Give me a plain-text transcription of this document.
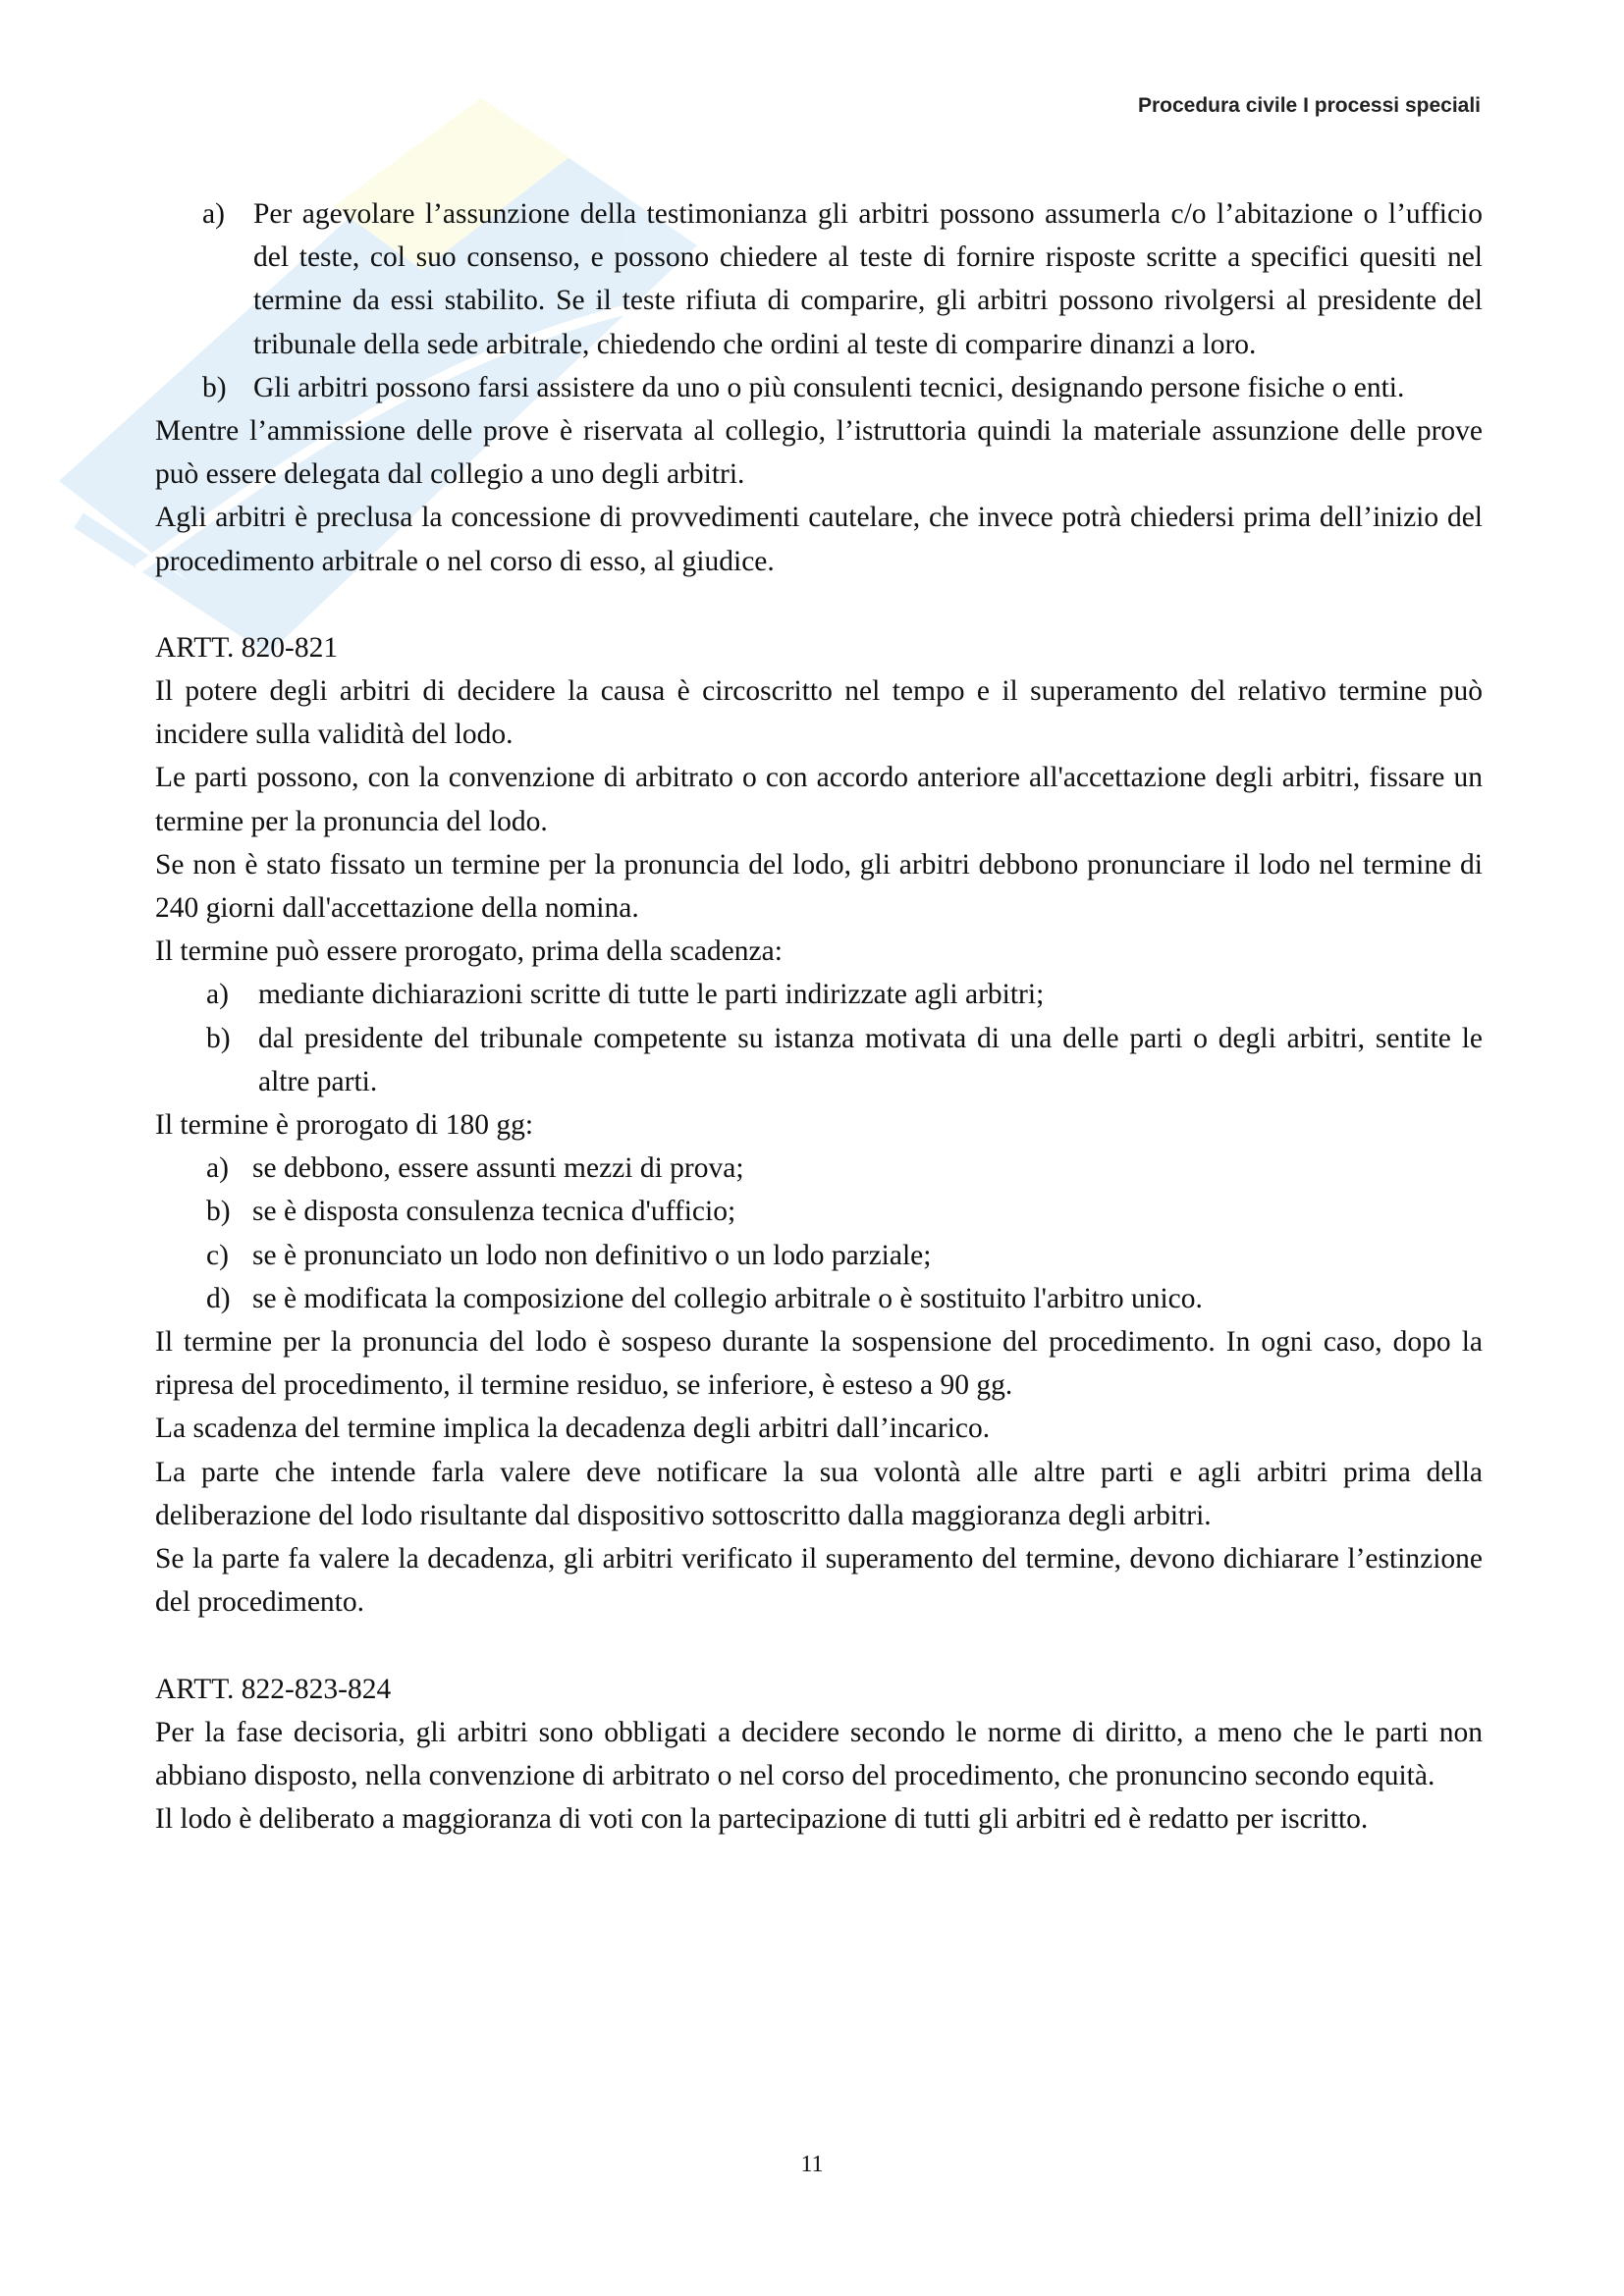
Procedura civile I processi speciali
a) Per agevolare l’assunzione della testimonianza gli arbitri possono assumerla c/o l’abitazione o l’ufficio del teste, col suo consenso, e possono chiedere al teste di fornire risposte scritte a specifici quesiti nel termine da essi stabilito. Se il teste rifiuta di comparire, gli arbitri possono rivolgersi al presidente del tribunale della sede arbitrale, chiedendo che ordini al teste di comparire dinanzi a loro.
b) Gli arbitri possono farsi assistere da uno o più consulenti tecnici, designando persone fisiche o enti.

Mentre l’ammissione delle prove è riservata al collegio, l’istruttoria quindi la materiale assunzione delle prove può essere delegata dal collegio a uno degli arbitri.

Agli arbitri è preclusa la concessione di provvedimenti cautelare, che invece potrà chiedersi prima dell’inizio del procedimento arbitrale o nel corso di esso, al giudice.

ARTT. 820-821

Il potere degli arbitri di decidere la causa è circoscritto nel tempo e il superamento del relativo termine può incidere sulla validità del lodo.

Le parti possono, con la convenzione di arbitrato o con accordo anteriore all'accettazione degli arbitri, fissare un termine per la pronuncia del lodo.

Se non è stato fissato un termine per la pronuncia del lodo, gli arbitri debbono pronunciare il lodo nel termine di 240 giorni dall'accettazione della nomina.

Il termine può essere prorogato, prima della scadenza:

a) mediante dichiarazioni scritte di tutte le parti indirizzate agli arbitri;
b) dal presidente del tribunale competente su istanza motivata di una delle parti o degli arbitri, sentite le altre parti.

Il termine è prorogato di 180 gg:

a) se debbono, essere assunti mezzi di prova;
b) se è disposta consulenza tecnica d'ufficio;
c) se è pronunciato un lodo non definitivo o un lodo parziale;
d) se è modificata la composizione del collegio arbitrale o è sostituito l'arbitro unico.

Il termine per la pronuncia del lodo è sospeso durante la sospensione del procedimento. In ogni caso, dopo la ripresa del procedimento, il termine residuo, se inferiore, è esteso a 90 gg.

La scadenza del termine implica la decadenza degli arbitri dall’incarico.

La parte che intende farla valere deve notificare la sua volontà alle altre parti e agli arbitri prima della deliberazione del lodo risultante dal dispositivo sottoscritto dalla maggioranza degli arbitri.

Se la parte fa valere la decadenza, gli arbitri verificato il superamento del termine, devono dichiarare l’estinzione del procedimento.

ARTT. 822-823-824

Per la fase decisoria, gli arbitri sono obbligati a decidere secondo le norme di diritto, a meno che le parti non abbiano disposto, nella convenzione di arbitrato o nel corso del procedimento, che pronuncino secondo equità.

Il lodo è deliberato a maggioranza di voti con la partecipazione di tutti gli arbitri ed è redatto per iscritto.

11
